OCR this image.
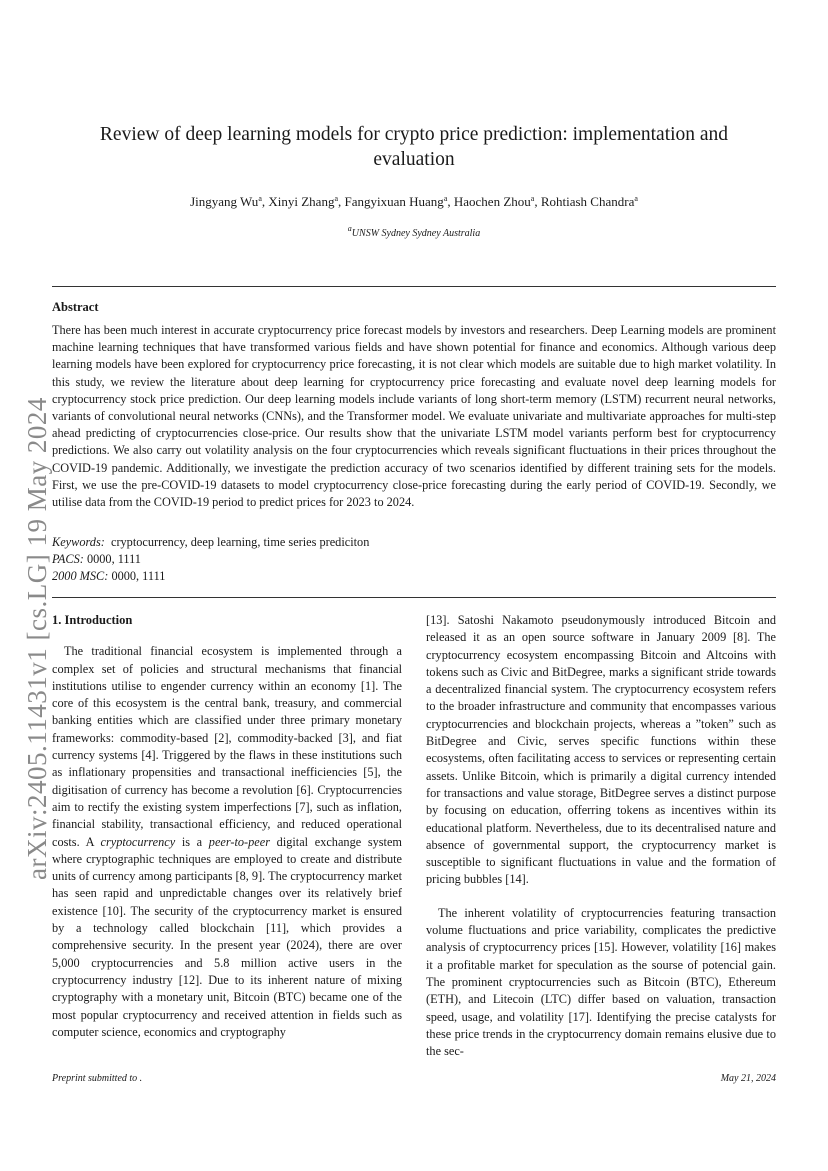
arXiv:2405.11431v1 [cs.LG] 19 May 2024
Review of deep learning models for crypto price prediction: implementation and evaluation
Jingyang Wu$^a$, Xinyi Zhang$^a$, Fangyixuan Huang$^a$, Haochen Zhou$^a$, Rohtiash Chandra$^a$
$^a$UNSW Sydney Sydney Australia
Abstract
There has been much interest in accurate cryptocurrency price forecast models by investors and researchers. Deep Learning models are prominent machine learning techniques that have transformed various fields and have shown potential for finance and economics. Although various deep learning models have been explored for cryptocurrency price forecasting, it is not clear which models are suitable due to high market volatility. In this study, we review the literature about deep learning for cryptocurrency price forecasting and evaluate novel deep learning models for cryptocurrency stock price prediction. Our deep learning models include variants of long short-term memory (LSTM) recurrent neural networks, variants of convolutional neural networks (CNNs), and the Transformer model. We evaluate univariate and multivariate approaches for multi-step ahead predicting of cryptocurrencies close-price. Our results show that the univariate LSTM model variants perform best for cryptocurrency predictions. We also carry out volatility analysis on the four cryptocurrencies which reveals significant fluctuations in their prices throughout the COVID-19 pandemic. Additionally, we investigate the prediction accuracy of two scenarios identified by different training sets for the models. First, we use the pre-COVID-19 datasets to model cryptocurrency close-price forecasting during the early period of COVID-19. Secondly, we utilise data from the COVID-19 period to predict prices for 2023 to 2024.
Keywords: cryptocurrency, deep learning, time series prediciton
PACS: 0000, 1111
2000 MSC: 0000, 1111
1. Introduction

The traditional financial ecosystem is implemented through a complex set of policies and structural mechanisms that financial institutions utilise to engender currency within an economy [1]. The core of this ecosystem is the central bank, treasury, and commercial banking entities which are classified under three primary monetary frameworks: commodity-based [2], commodity-backed [3], and fiat currency systems [4]. Triggered by the flaws in these institutions such as inflationary propensities and transactional inefficiencies [5], the digitisation of currency has become a revolution [6]. Cryptocurrencies aim to rectify the existing system imperfections [7], such as inflation, financial stability, transactional efficiency, and reduced operational costs. A cryptocurrency is a peer-to-peer digital exchange system where cryptographic techniques are employed to create and distribute units of currency among participants [8, 9]. The cryptocurrency market has seen rapid and unpredictable changes over its relatively brief existence [10]. The security of the cryptocurrency market is ensured by a technology called blockchain [11], which provides a comprehensive security. In the present year (2024), there are over 5,000 cryptocurrencies and 5.8 million active users in the cryptocurrency industry [12]. Due to its inherent nature of mixing cryptography with a monetary unit, Bitcoin (BTC) became one of the most popular cryptocurrency and received attention in fields such as computer science, economics and cryptography

[13]. Satoshi Nakamoto pseudonymously introduced Bitcoin and released it as an open source software in January 2009 [8]. The cryptocurrency ecosystem encompassing Bitcoin and Altcoins with tokens such as Civic and BitDegree, marks a significant stride towards a decentralized financial system. The cryptocurrency ecosystem refers to the broader infrastructure and community that encompasses various cryptocurrencies and blockchain projects, whereas a ”token” such as BitDegree and Civic, serves specific functions within these ecosystems, often facilitating access to services or representing certain assets. Unlike Bitcoin, which is primarily a digital currency intended for transactions and value storage, BitDegree serves a distinct purpose by focusing on education, offerring tokens as incentives within its educational platform. Nevertheless, due to its decentralised nature and absence of governmental support, the cryptocurrency market is susceptible to significant fluctuations in value and the formation of pricing bubbles [14].

The inherent volatility of cryptocurrencies featuring transaction volume fluctuations and price variability, complicates the predictive analysis of cryptocurrency prices [15]. However, volatility [16] makes it a profitable market for speculation as the sourse of potencial gain. The prominent cryptocurrencies such as Bitcoin (BTC), Ethereum (ETH), and Litecoin (LTC) differ based on valuation, transaction speed, usage, and volatility [17]. Identifying the precise catalysts for these price trends in the cryptocurrency domain remains elusive due to the sec-

Preprint submitted to .	May 21, 2024
